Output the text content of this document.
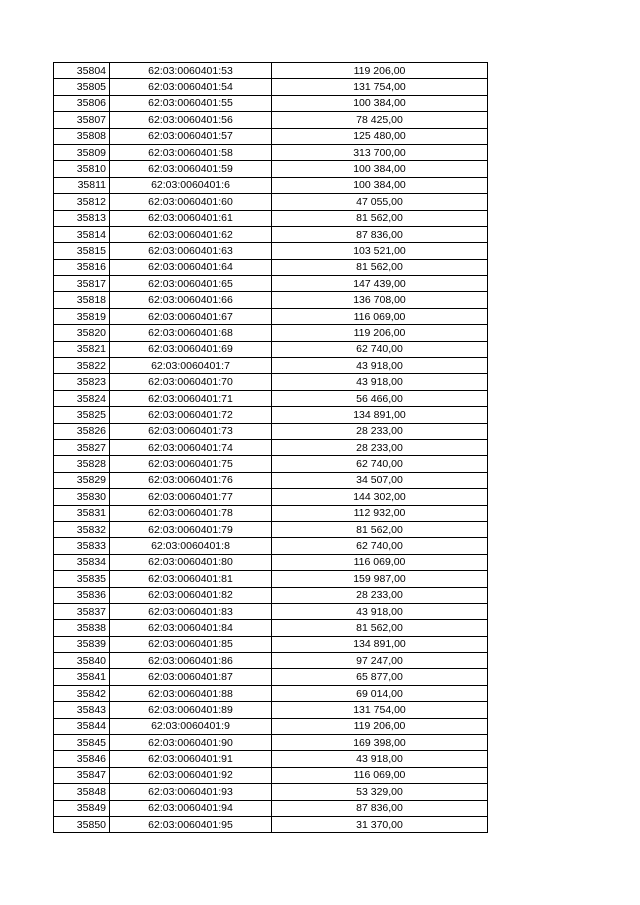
35804	62:03:0060401:53	119 206,00
35805	62:03:0060401:54	131 754,00
35806	62:03:0060401:55	100 384,00
35807	62:03:0060401:56	78 425,00
35808	62:03:0060401:57	125 480,00
35809	62:03:0060401:58	313 700,00
35810	62:03:0060401:59	100 384,00
35811	62:03:0060401:6	100 384,00
35812	62:03:0060401:60	47 055,00
35813	62:03:0060401:61	81 562,00
35814	62:03:0060401:62	87 836,00
35815	62:03:0060401:63	103 521,00
35816	62:03:0060401:64	81 562,00
35817	62:03:0060401:65	147 439,00
35818	62:03:0060401:66	136 708,00
35819	62:03:0060401:67	116 069,00
35820	62:03:0060401:68	119 206,00
35821	62:03:0060401:69	62 740,00
35822	62:03:0060401:7	43 918,00
35823	62:03:0060401:70	43 918,00
35824	62:03:0060401:71	56 466,00
35825	62:03:0060401:72	134 891,00
35826	62:03:0060401:73	28 233,00
35827	62:03:0060401:74	28 233,00
35828	62:03:0060401:75	62 740,00
35829	62:03:0060401:76	34 507,00
35830	62:03:0060401:77	144 302,00
35831	62:03:0060401:78	112 932,00
35832	62:03:0060401:79	81 562,00
35833	62:03:0060401:8	62 740,00
35834	62:03:0060401:80	116 069,00
35835	62:03:0060401:81	159 987,00
35836	62:03:0060401:82	28 233,00
35837	62:03:0060401:83	43 918,00
35838	62:03:0060401:84	81 562,00
35839	62:03:0060401:85	134 891,00
35840	62:03:0060401:86	97 247,00
35841	62:03:0060401:87	65 877,00
35842	62:03:0060401:88	69 014,00
35843	62:03:0060401:89	131 754,00
35844	62:03:0060401:9	119 206,00
35845	62:03:0060401:90	169 398,00
35846	62:03:0060401:91	43 918,00
35847	62:03:0060401:92	116 069,00
35848	62:03:0060401:93	53 329,00
35849	62:03:0060401:94	87 836,00
35850	62:03:0060401:95	31 370,00
